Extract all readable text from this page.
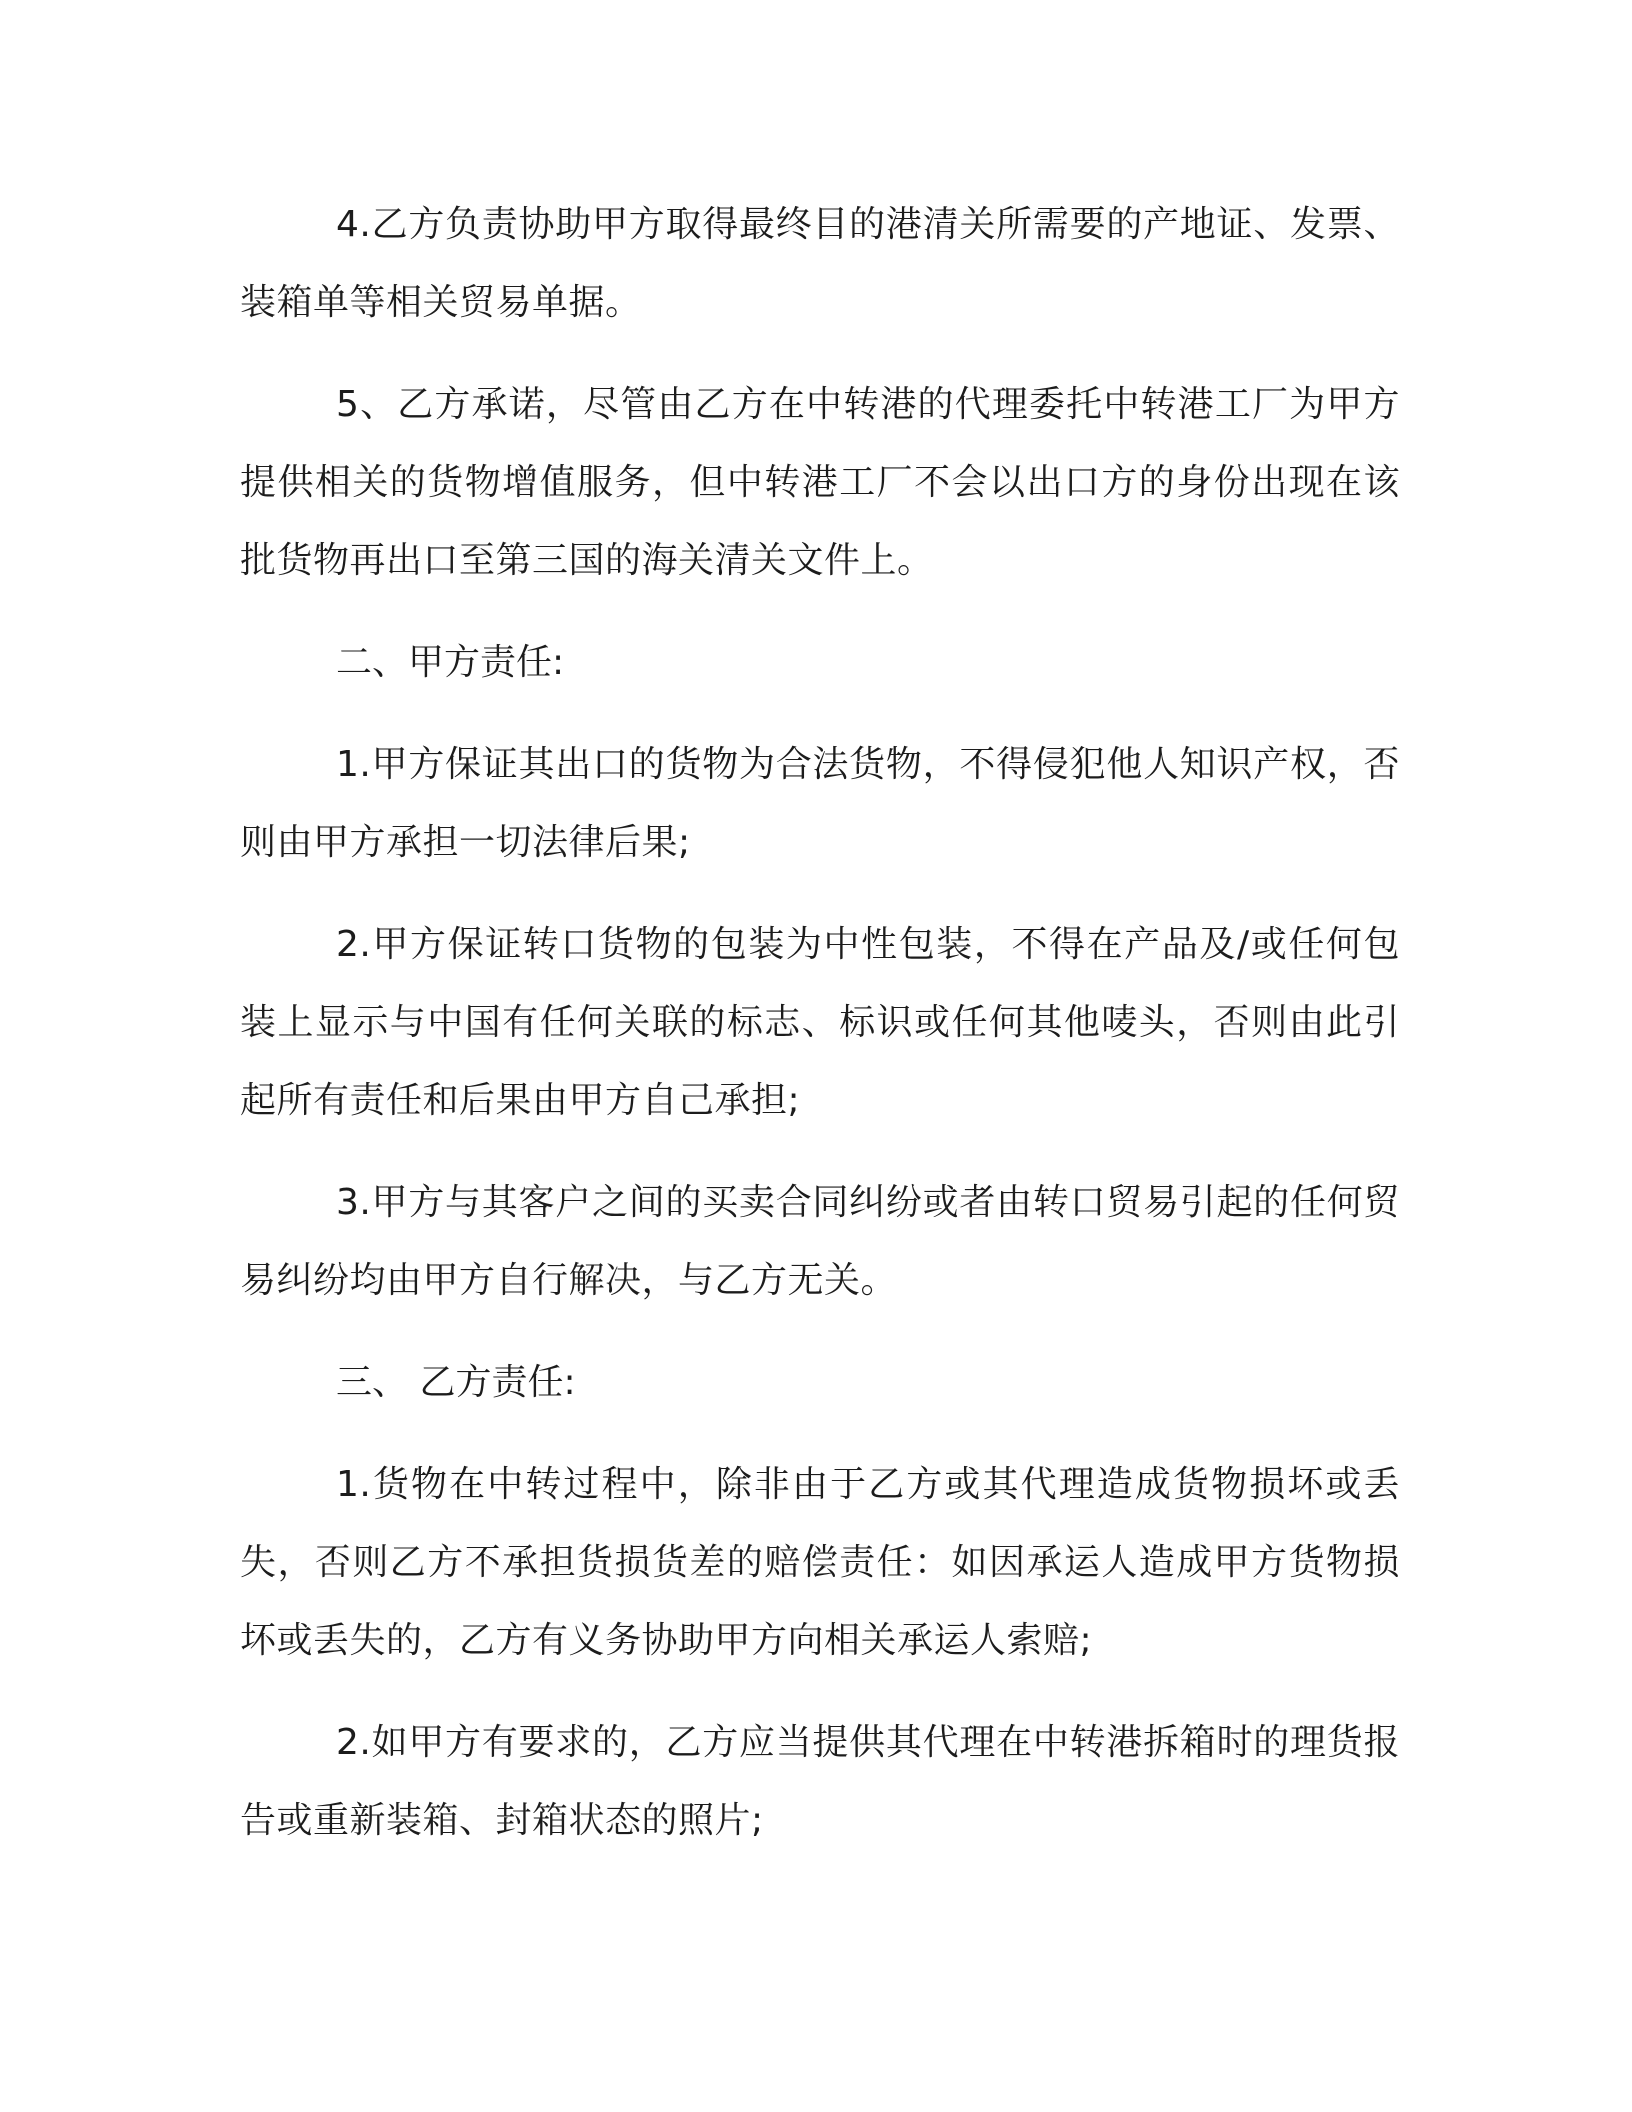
4.乙方负责协助甲方取得最终目的港清关所需要的产地证、发票、装箱单等相关贸易单据。

5、乙方承诺，尽管由乙方在中转港的代理委托中转港工厂为甲方提供相关的货物增值服务，但中转港工厂不会以出口方的身份出现在该批货物再出口至第三国的海关清关文件上。

二、甲方责任:

1.甲方保证其出口的货物为合法货物，不得侵犯他人知识产权，否则由甲方承担一切法律后果;

2.甲方保证转口货物的包装为中性包装，不得在产品及/或任何包装上显示与中国有任何关联的标志、标识或任何其他唛头，否则由此引起所有责任和后果由甲方自己承担;

3.甲方与其客户之间的买卖合同纠纷或者由转口贸易引起的任何贸易纠纷均由甲方自行解决，与乙方无关。

三、 乙方责任:

1.货物在中转过程中，除非由于乙方或其代理造成货物损坏或丢失，否则乙方不承担货损货差的赔偿责任：如因承运人造成甲方货物损坏或丢失的，乙方有义务协助甲方向相关承运人索赔;

2.如甲方有要求的，乙方应当提供其代理在中转港拆箱时的理货报告或重新装箱、封箱状态的照片;
